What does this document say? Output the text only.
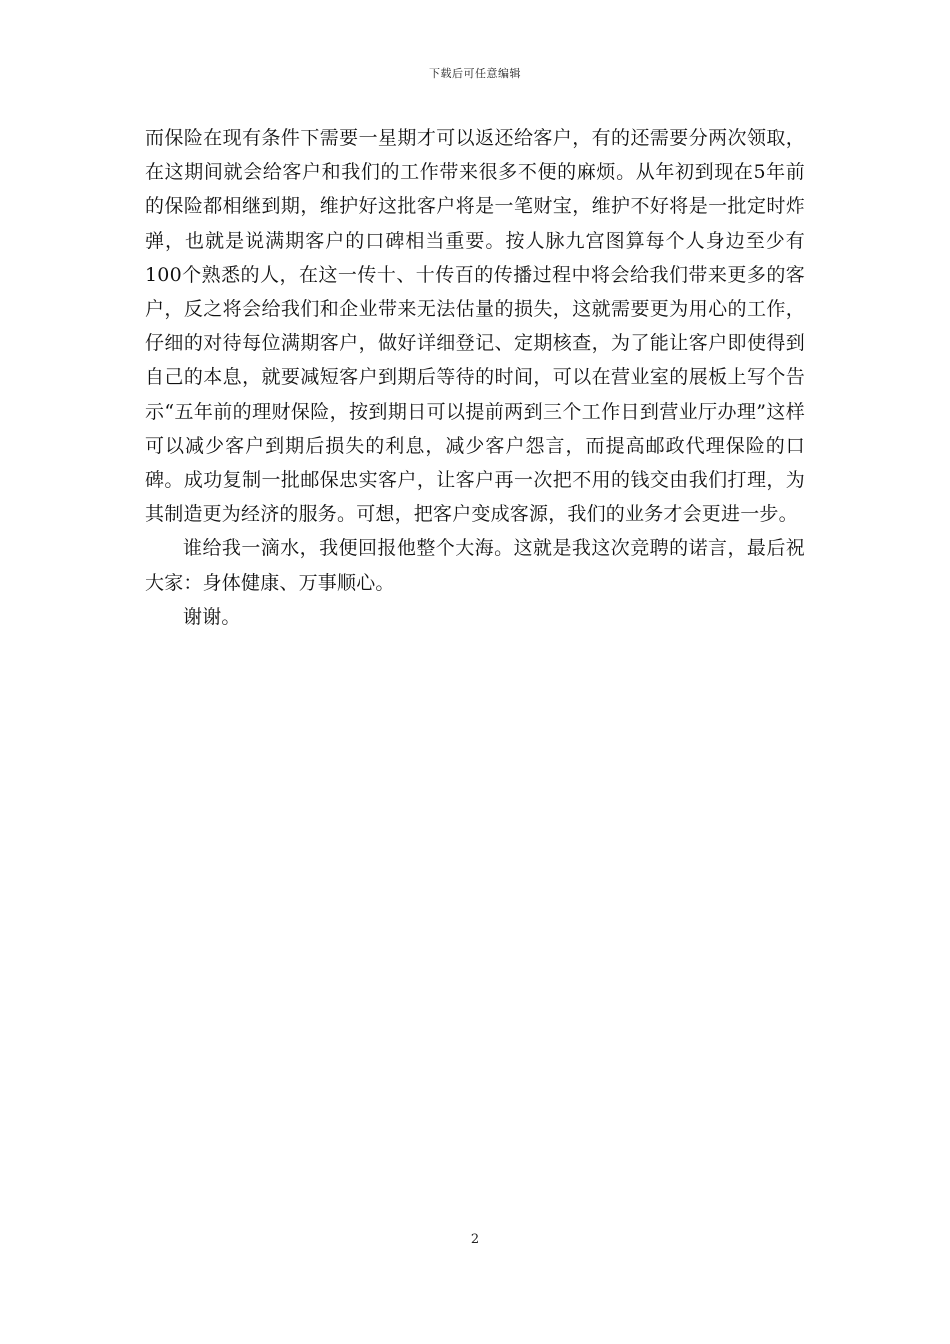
下载后可任意编辑

而保险在现有条件下需要一星期才可以返还给客户，有的还需要分两次领取，在这期间就会给客户和我们的工作带来很多不便的麻烦。从年初到现在5年前的保险都相继到期，维护好这批客户将是一笔财宝，维护不好将是一批定时炸弹，也就是说满期客户的口碑相当重要。按人脉九宫图算每个人身边至少有100个熟悉的人，在这一传十、十传百的传播过程中将会给我们带来更多的客户，反之将会给我们和企业带来无法估量的损失，这就需要更为用心的工作，仔细的对待每位满期客户，做好详细登记、定期核查，为了能让客户即使得到自己的本息，就要减短客户到期后等待的时间，可以在营业室的展板上写个告示“五年前的理财保险，按到期日可以提前两到三个工作日到营业厅办理”这样可以减少客户到期后损失的利息，减少客户怨言，而提高邮政代理保险的口碑。成功复制一批邮保忠实客户，让客户再一次把不用的钱交由我们打理，为其制造更为经济的服务。可想，把客户变成客源，我们的业务才会更进一步。

谁给我一滴水，我便回报他整个大海。这就是我这次竞聘的诺言，最后祝大家：身体健康、万事顺心。

谢谢。

2
